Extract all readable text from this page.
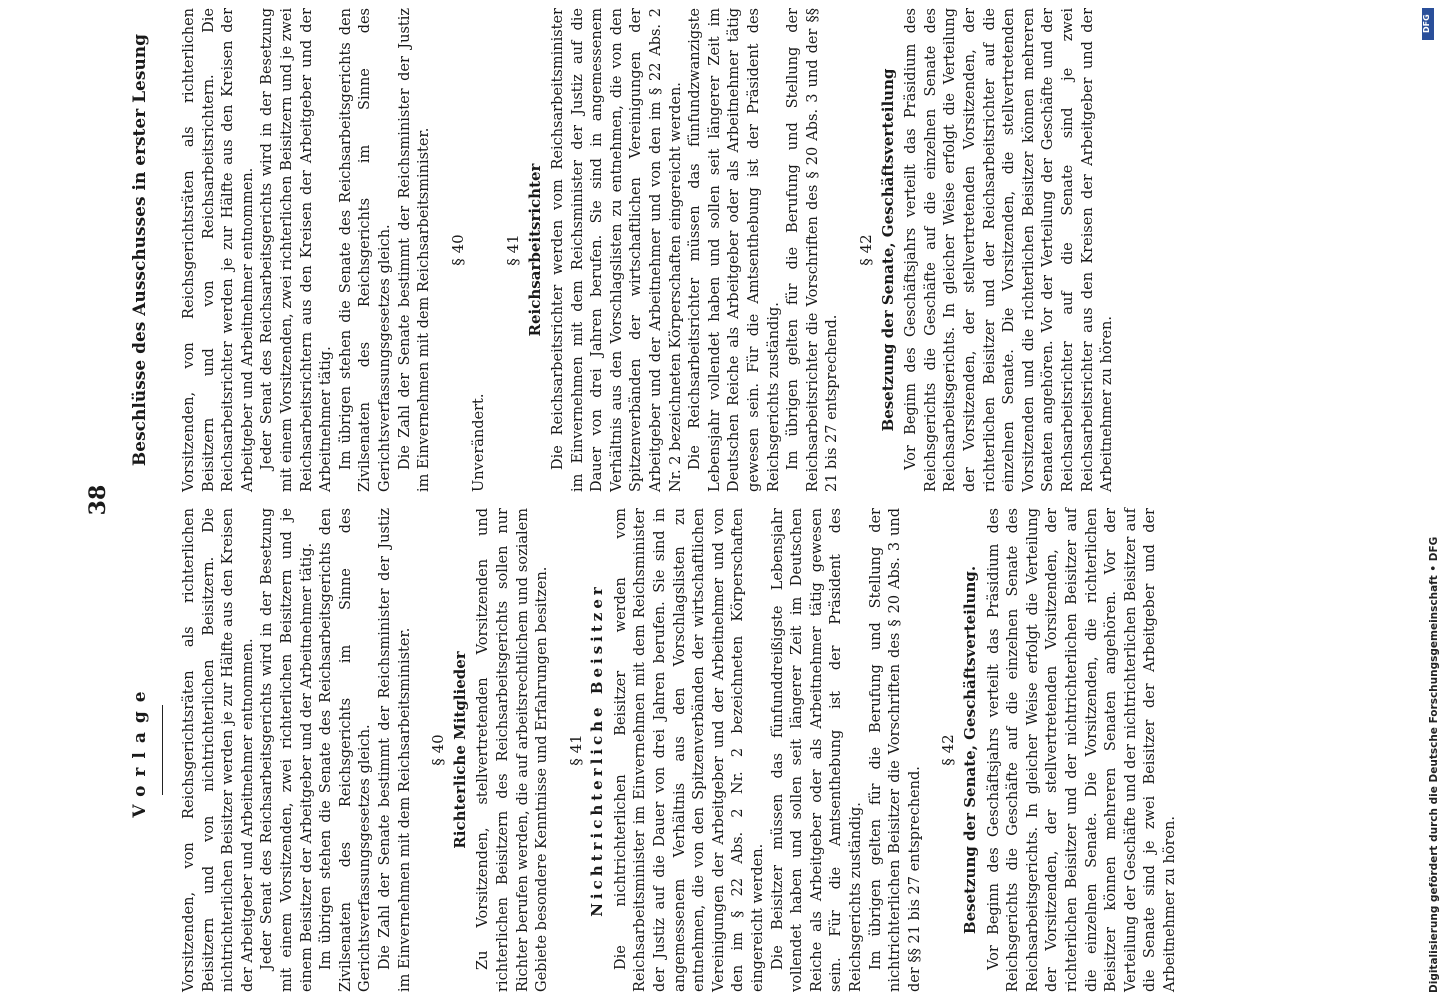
38
Vorlage Vorsitzenden, von Reichsgerichtsräten als richterlichen Beisitzern und von nichtrichterlichen Beisitzern. Die nichtrichterlichen Beisitzer werden je zur Hälfte aus den Kreisen der Arbeitgeber und Arbeitnehmer entnommen. Jeder Senat des Reichsarbeitsgerichts wird in der Besetzung mit einem Vorsitzenden, zwei richterlichen Beisitzern und je einem Beisitzer der Arbeitgeber und der Arbeitnehmer tätig. Im übrigen stehen die Senate des Reichsarbeitsgerichts den Zivilsenaten des Reichsgerichts im Sinne des Gerichtsverfassungsgesetzes gleich. Die Zahl der Senate bestimmt der Reichsminister der Justiz im Einvernehmen mit dem Reichsarbeitsminister. § 40 Richterliche Mitglieder Zu Vorsitzenden, stellvertretenden Vorsitzenden und richterlichen Beisitzern des Reichsarbeitsgerichts sollen nur Richter berufen werden, die auf arbeitsrechtlichem und sozialem Gebiete besondere Kenntnisse und Erfahrungen besitzen. § 41 Nichtrichterliche Beisitzer Die nichtrichterlichen Beisitzer werden vom Reichsarbeitsminister im Einvernehmen mit dem Reichsminister der Justiz auf die Dauer von drei Jahren berufen. Sie sind in angemessenem Verhältnis aus den Vorschlagslisten zu entnehmen, die von den Spitzenverbänden der wirtschaftlichen Vereinigungen der Arbeitgeber und der Arbeitnehmer und von den im § 22 Abs. 2 Nr. 2 bezeichneten Körperschaften eingereicht werden. Die Beisitzer müssen das fünfunddreißigste Lebensjahr vollendet haben und sollen seit längerer Zeit im Deutschen Reiche als Arbeitgeber oder als Arbeitnehmer tätig gewesen sein. Für die Amtsenthebung ist der Präsident des Reichsgerichts zuständig. Im übrigen gelten für die Berufung und Stellung der nichtrichterlichen Beisitzer die Vorschriften des § 20 Abs. 3 und der §§ 21 bis 27 entsprechend.

§ 42 Besetzung der Senate, Geschäftsverteilung. Vor Beginn des Geschäftsjahrs verteilt das Präsidium des Reichsgerichts die Geschäfte auf die einzelnen Senate des Reichsarbeitsgerichts. In gleicher Weise erfolgt die Verteilung der Vorsitzenden, der stellvertretenden Vorsitzenden, der richterlichen Beisitzer und der nichtrichterlichen Beisitzer auf die einzelnen Senate. Die Vorsitzenden, die richterlichen Beisitzer können mehreren Senaten angehören. Vor der Verteilung der Geschäfte und der nichtrichterlichen Beisitzer auf die Senate sind je zwei Beisitzer der Arbeitgeber und der Arbeitnehmer zu hören.

Beschlüsse des Ausschusses in erster Lesung Vorsitzenden, von Reichsgerichtsräten als richterlichen Beisitzern und von Reichsarbeitsrichtern. Die Reichsarbeitsrichter werden je zur Hälfte aus den Kreisen der Arbeitgeber und Arbeitnehmer entnommen. Jeder Senat des Reichsarbeitsgerichts wird in der Besetzung mit einem Vorsitzenden, zwei richterlichen Beisitzern und je zwei Reichsarbeitsrichtern aus den Kreisen der Arbeitgeber und der Arbeitnehmer tätig. Im übrigen stehen die Senate des Reichsarbeitsgerichts den Zivilsenaten des Reichsgerichts im Sinne des Gerichtsverfassungsgesetzes gleich. Die Zahl der Senate bestimmt der Reichsminister der Justiz im Einvernehmen mit dem Reichsarbeitsminister. § 40

Unverändert.

§ 41 Reichsarbeitsrichter Die Reichsarbeitsrichter werden vom Reichsarbeitsminister im Einvernehmen mit dem Reichsminister der Justiz auf die Dauer von drei Jahren berufen. Sie sind in angemessenem Verhältnis aus den Vorschlagslisten zu entnehmen, die von den Spitzenverbänden der wirtschaftlichen Vereinigungen der Arbeitgeber und der Arbeitnehmer und von den im § 22 Abs. 2 Nr. 2 bezeichneten Körperschaften eingereicht werden. Die Reichsarbeitsrichter müssen das fünfundzwanzigste Lebensjahr vollendet haben und sollen seit längerer Zeit im Deutschen Reiche als Arbeitgeber oder als Arbeitnehmer tätig gewesen sein. Für die Amtsenthebung ist der Präsident des Reichsgerichts zuständig. Im übrigen gelten für die Berufung und Stellung der Reichsarbeitsrichter die Vorschriften des § 20 Abs. 3 und der §§ 21 bis 27 entsprechend.

§ 42 Besetzung der Senate, Geschäftsverteilung Vor Beginn des Geschäftsjahrs verteilt das Präsidium des Reichsgerichts die Geschäfte auf die einzelnen Senate des Reichsarbeitsgerichts. In gleicher Weise erfolgt die Verteilung der Vorsitzenden, der stellvertretenden Vorsitzenden, der richterlichen Beisitzer und der Reichsarbeitsrichter auf die einzelnen Senate. Die Vorsitzenden, die stellvertretenden Vorsitzenden und die richterlichen Beisitzer können mehreren Senaten angehören. Vor der Verteilung der Geschäfte und der Reichsarbeitsrichter auf die Senate sind je zwei Reichsarbeitsrichter aus den Kreisen der Arbeitgeber und der Arbeitnehmer zu hören.

DFG
Digitalisierung gefördert durch die Deutsche Forschungsgemeinschaft • DFG
